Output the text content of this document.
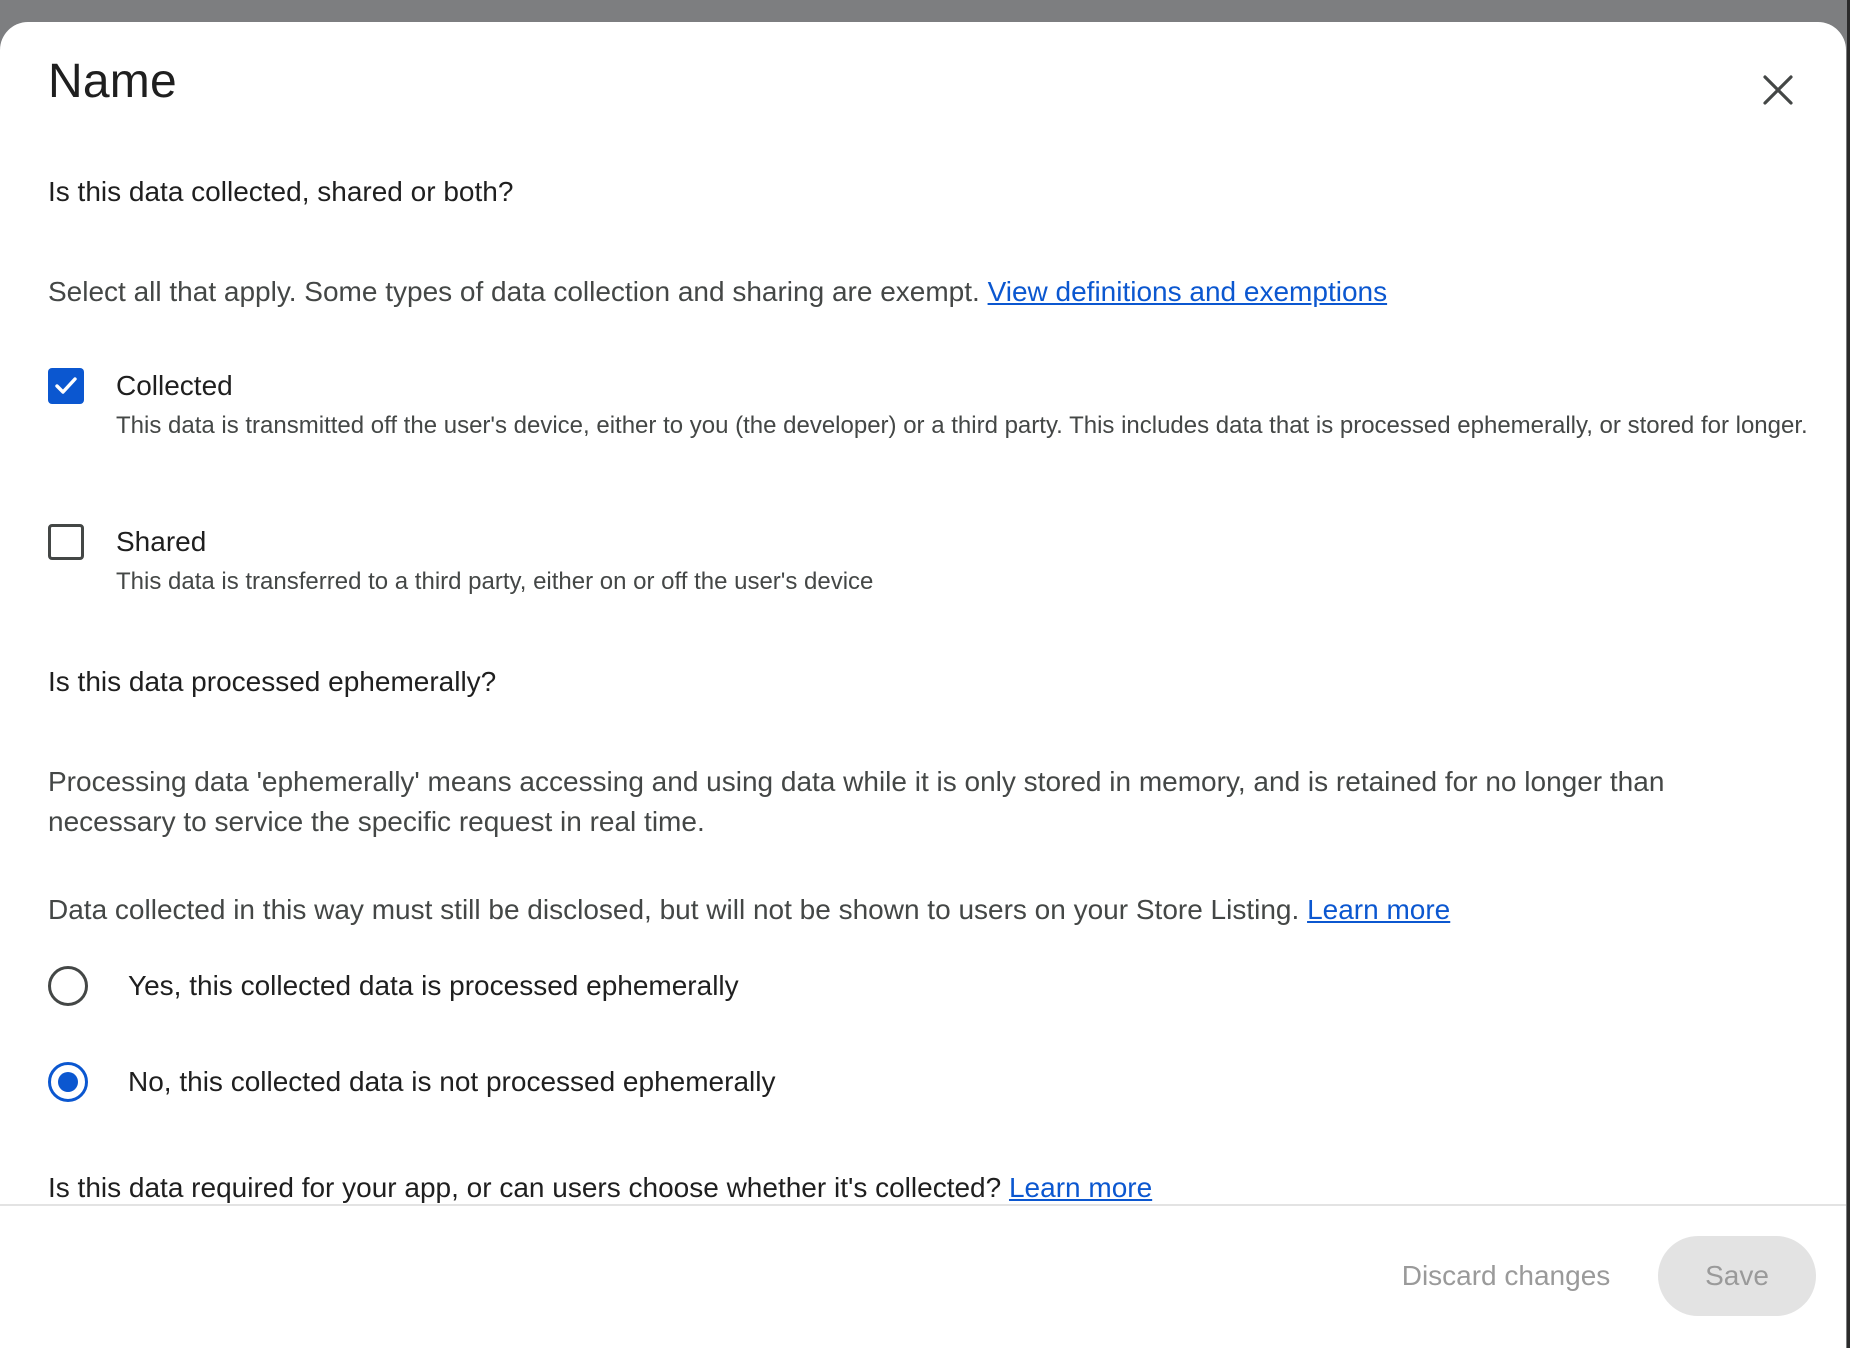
Name
Is this data collected, shared or both?
Select all that apply. Some types of data collection and sharing are exempt. View definitions and exemptions
Collected
This data is transmitted off the user's device, either to you (the developer) or a third party. This includes data that is processed ephemerally, or stored for longer.
Shared
This data is transferred to a third party, either on or off the user's device
Is this data processed ephemerally?
Processing data 'ephemerally' means accessing and using data while it is only stored in memory, and is retained for no longer than necessary to service the specific request in real time.
Data collected in this way must still be disclosed, but will not be shown to users on your Store Listing. Learn more
Yes, this collected data is processed ephemerally
No, this collected data is not processed ephemerally
Is this data required for your app, or can users choose whether it's collected? Learn more
Discard changes	Save
